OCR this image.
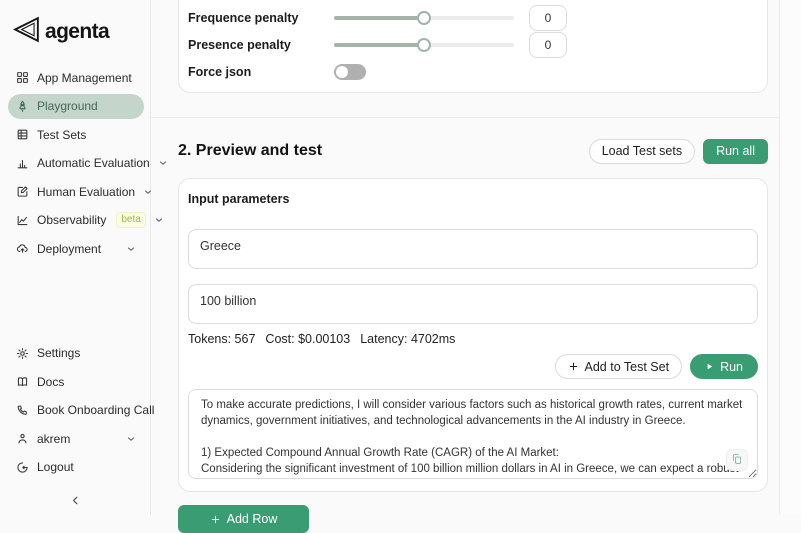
agenta
App Management
Playground
Test Sets
Automatic Evaluation
Human Evaluation
Observability	beta
Deployment
Settings
Docs
Book Onboarding Call
akrem
Logout
Frequence penalty	0
Presence penalty	0
Force json
2. Preview and test	Load Test sets	Run all
Input parameters
Greece
100 billion
Tokens: 567 Cost: $0.00103 Latency: 4702ms
Add to Test Set	Run
To make accurate predictions, I will consider various factors such as historical growth rates, current market dynamics, government initiatives, and technological advancements in the AI industry in Greece. 1) Expected Compound Annual Growth Rate (CAGR) of the AI Market: Considering the significant investment of 100 billion million dollars in AI in Greece, we can expect a robust growth rate. Assuming steady growth over the next five years, an estimated CAGR of around 30% to 35% could be anticipated.
Add Row
